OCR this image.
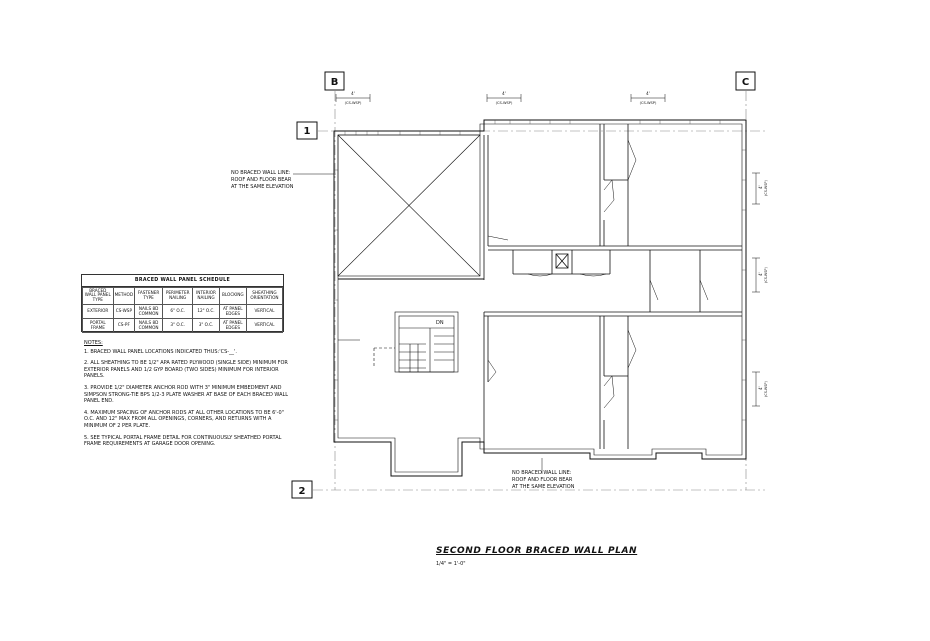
B	C
1
2
4'
(CS-WSP)
4'
(CS-WSP)
4'
(CS-WSP)
4' (CS-WSP)
4' (CS-WSP)
4' (CS-WSP)
DN
NO BRACED WALL LINE:
ROOF AND FLOOR BEAR
AT THE SAME ELEVATION
NO BRACED WALL LINE:
ROOF AND FLOOR BEAR
AT THE SAME ELEVATION
BRACED WALL PANEL SCHEDULE
BRACED WALL PANEL TYPE	METHOD	FASTENER TYPE	PERIMETER NAILING	INTERIOR NAILING	BLOCKING	SHEATHING ORIENTATION
EXTERIOR	CS-WSP	NAILS 8D COMMON	6" O.C.	12" O.C.	AT PANEL EDGES	VERTICAL
PORTAL FRAME	CS-PF	NAILS 8D COMMON	3" O.C.	3" O.C.	AT PANEL EDGES	VERTICAL
NOTES:

1. BRACED WALL PANEL LOCATIONS INDICATED THUS:'CS-__'.

2. ALL SHEATHING TO BE 1/2" APA RATED PLYWOOD (SINGLE SIDE) MINIMUM FOR EXTERIOR PANELS AND 1/2 GYP BOARD (TWO SIDES) MINIMUM FOR INTERIOR PANELS.

3. PROVIDE 1/2" DIAMETER ANCHOR ROD WITH 3" MINIMUM EMBEDMENT AND SIMPSON STRONG-TIE BPS 1/2-3 PLATE WASHER AT BASE OF EACH BRACED WALL PANEL END.

4. MAXIMUM SPACING OF ANCHOR RODS AT ALL OTHER LOCATIONS TO BE 6'-0" O.C. AND 12" MAX FROM ALL OPENINGS, CORNERS, AND RETURNS WITH A MINIMUM OF 2 PER PLATE.

5. SEE TYPICAL PORTAL FRAME DETAIL FOR CONTINUOUSLY SHEATHED PORTAL FRAME REQUIREMENTS AT GARAGE DOOR OPENING.

SECOND FLOOR BRACED WALL PLAN
1/4" = 1'-0"
